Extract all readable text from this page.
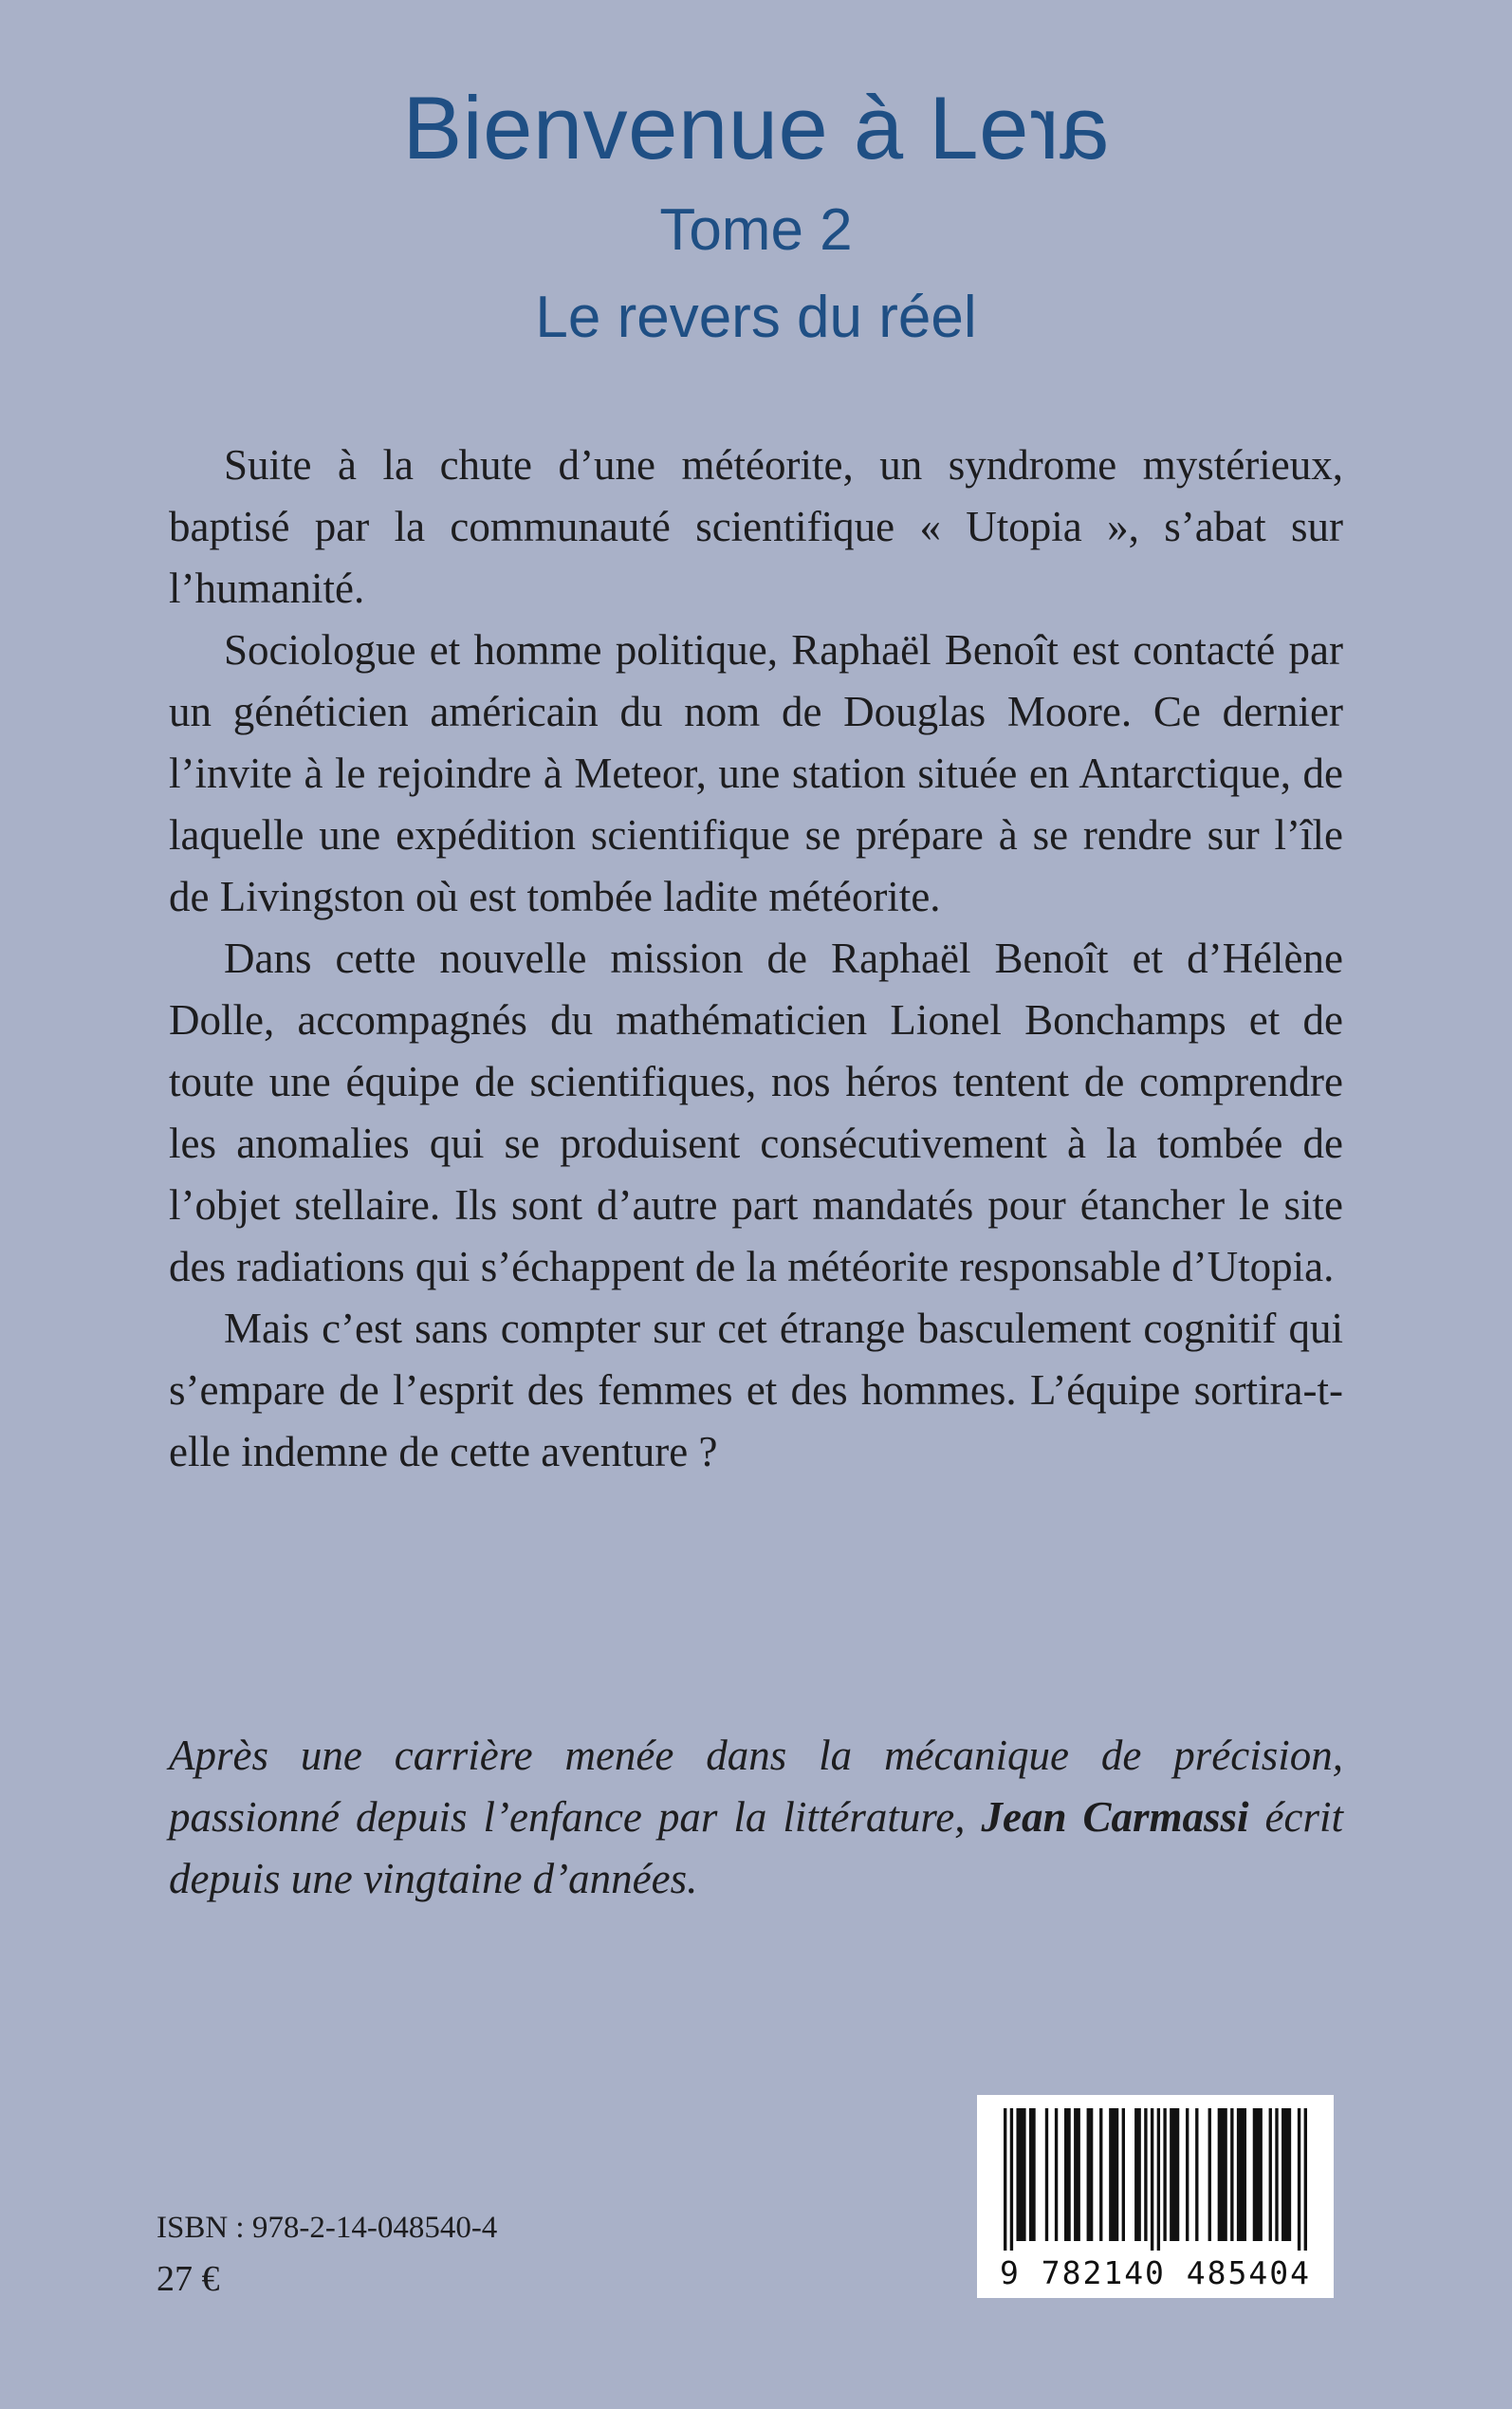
Bienvenue à Lear
Tome 2
Le revers du réel

Suite à la chute d’une météorite, un syndrome mystérieux, baptisé par la communauté scientifique « Utopia », s’abat sur l’humanité.

Sociologue et homme politique, Raphaël Benoît est contacté par un généticien américain du nom de Douglas Moore. Ce dernier l’invite à le rejoindre à Meteor, une station située en Antarctique, de laquelle une expédition scientifique se prépare à se rendre sur l’île de Livingston où est tombée ladite météorite.

Dans cette nouvelle mission de Raphaël Benoît et d’Hélène Dolle, accompagnés du mathématicien Lionel Bonchamps et de toute une équipe de scientifiques, nos héros tentent de comprendre les anomalies qui se produisent consécutivement à la tombée de l’objet stellaire. Ils sont d’autre part mandatés pour étancher le site des radiations qui s’échappent de la météorite responsable d’Utopia.

Mais c’est sans compter sur cet étrange basculement cognitif qui s’empare de l’esprit des femmes et des hommes. L’équipe sortira-t-elle indemne de cette aventure ?

Après une carrière menée dans la mécanique de précision, passionné depuis l’enfance par la littérature, Jean Carmassi écrit depuis une vingtaine d’années.
ISBN : 978-2-14-048540-4
27 €	9 782140 485404
